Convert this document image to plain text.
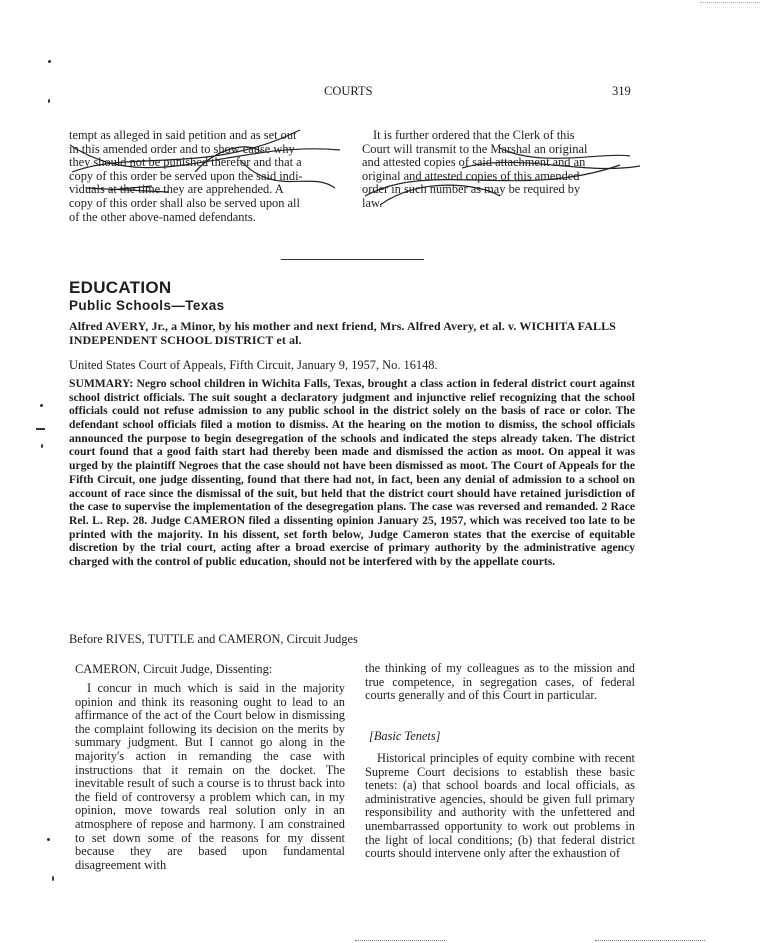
COURTS	319
tempt as alleged in said petition and as set out
in this amended order and to show cause why
they should not be punished therefor and that a
copy of this order be served upon the said indi-
viduals at the time they are apprehended. A
copy of this order shall also be served upon all
of the other above-named defendants.
It is further ordered that the Clerk of this
Court will transmit to the Marshal an original
and attested copies of said attachment and an
original and attested copies of this amended
order in such number as may be required by
law.
EDUCATION
Public Schools—Texas
Alfred AVERY, Jr., a Minor, by his mother and next friend, Mrs. Alfred Avery, et al. v. WICHITA FALLS INDEPENDENT SCHOOL DISTRICT et al.
United States Court of Appeals, Fifth Circuit, January 9, 1957, No. 16148.
SUMMARY: Negro school children in Wichita Falls, Texas, brought a class action in federal district court against school district officials. The suit sought a declaratory judgment and injunctive relief recognizing that the school officials could not refuse admission to any public school in the district solely on the basis of race or color. The defendant school officials filed a motion to dismiss. At the hearing on the motion to dismiss, the school officials announced the purpose to begin desegregation of the schools and indicated the steps already taken. The district court found that a good faith start had thereby been made and dismissed the action as moot. On appeal it was urged by the plaintiff Negroes that the case should not have been dismissed as moot. The Court of Appeals for the Fifth Circuit, one judge dissenting, found that there had not, in fact, been any denial of admission to a school on account of race since the dismissal of the suit, but held that the district court should have retained jurisdiction of the case to supervise the implementation of the desegregation plans. The case was reversed and remanded. 2 Race Rel. L. Rep. 28. Judge CAMERON filed a dissenting opinion January 25, 1957, which was received too late to be printed with the majority. In his dissent, set forth below, Judge Cameron states that the exercise of equitable discretion by the trial court, acting after a broad exercise of primary authority by the administrative agency charged with the control of public education, should not be interfered with by the appellate courts.
Before RIVES, TUTTLE and CAMERON, Circuit Judges
CAMERON, Circuit Judge, Dissenting:
I concur in much which is said in the majority opinion and think its reasoning ought to lead to an affirmance of the act of the Court below in dismissing the complaint following its decision on the merits by summary judgment. But I cannot go along in the majority's action in remanding the case with instructions that it remain on the docket. The inevitable result of such a course is to thrust back into the field of controversy a problem which can, in my opinion, move towards real solution only in an atmosphere of repose and harmony. I am constrained to set down some of the reasons for my dissent because they are based upon fundamental disagreement with
the thinking of my colleagues as to the mission and true competence, in segregation cases, of federal courts generally and of this Court in particular.
[Basic Tenets]
Historical principles of equity combine with recent Supreme Court decisions to establish these basic tenets: (a) that school boards and local officials, as administrative agencies, should be given full primary responsibility and authority with the unfettered and unembarrassed opportunity to work out problems in the light of local conditions; (b) that federal district courts should intervene only after the exhaustion of
